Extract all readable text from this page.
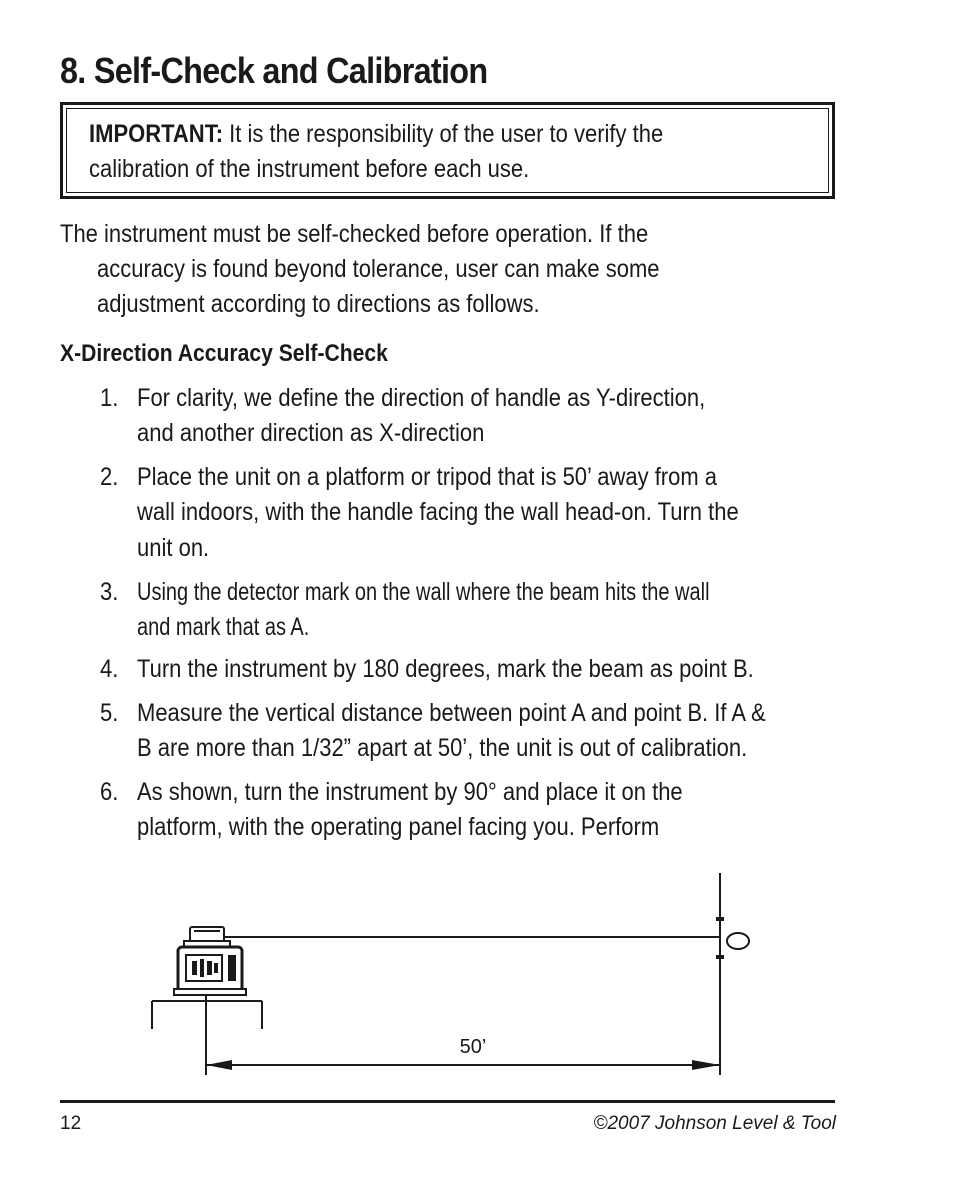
8. Self-Check and Calibration
IMPORTANT: It is the responsibility of the user to verify the
calibration of the instrument before each use.
The instrument must be self-checked before operation. If the
accuracy is found beyond tolerance, user can make some
adjustment according to directions as follows.
X-Direction Accuracy Self-Check
1. For clarity, we define the direction of handle as Y-direction,
and another direction as X-direction
2. Place the unit on a platform or tripod that is 50’ away from a
wall indoors, with the handle facing the wall head-on. Turn the
unit on.
3. Using the detector mark on the wall where the beam hits the wall
and mark that as A.
4. Turn the instrument by 180 degrees, mark the beam as point B.
5. Measure the vertical distance between point A and point B. If A &
B are more than 1/32” apart at 50’, the unit is out of calibration.
6. As shown, turn the instrument by 90° and place it on the
platform, with the operating panel facing you. Perform
50’
12	©2007 Johnson Level & Tool
